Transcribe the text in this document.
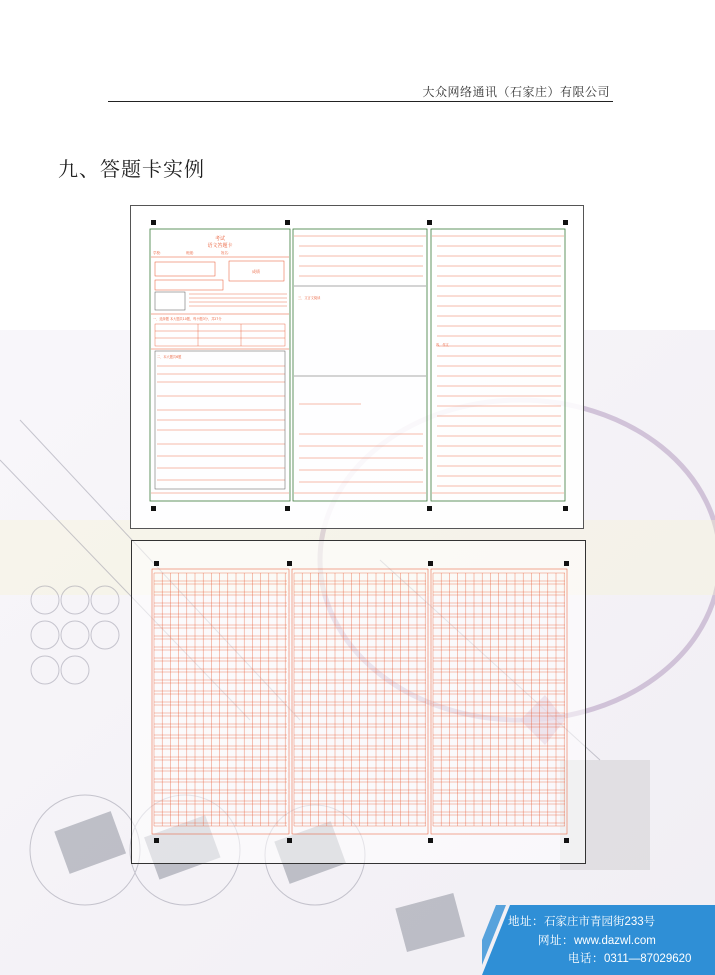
大众网络通讯（石家庄）有限公司
九、答题卡实例
考试
语文答题卡
学校：	班级：	姓名：
成绩
一、选择题 本大题共10题，每小题3分，共27分
二、本大题共6题
三、文言文阅读
四、作文
地址：石家庄市青园街233号
网址：www.dazwl.com
电话：0311—87029620
